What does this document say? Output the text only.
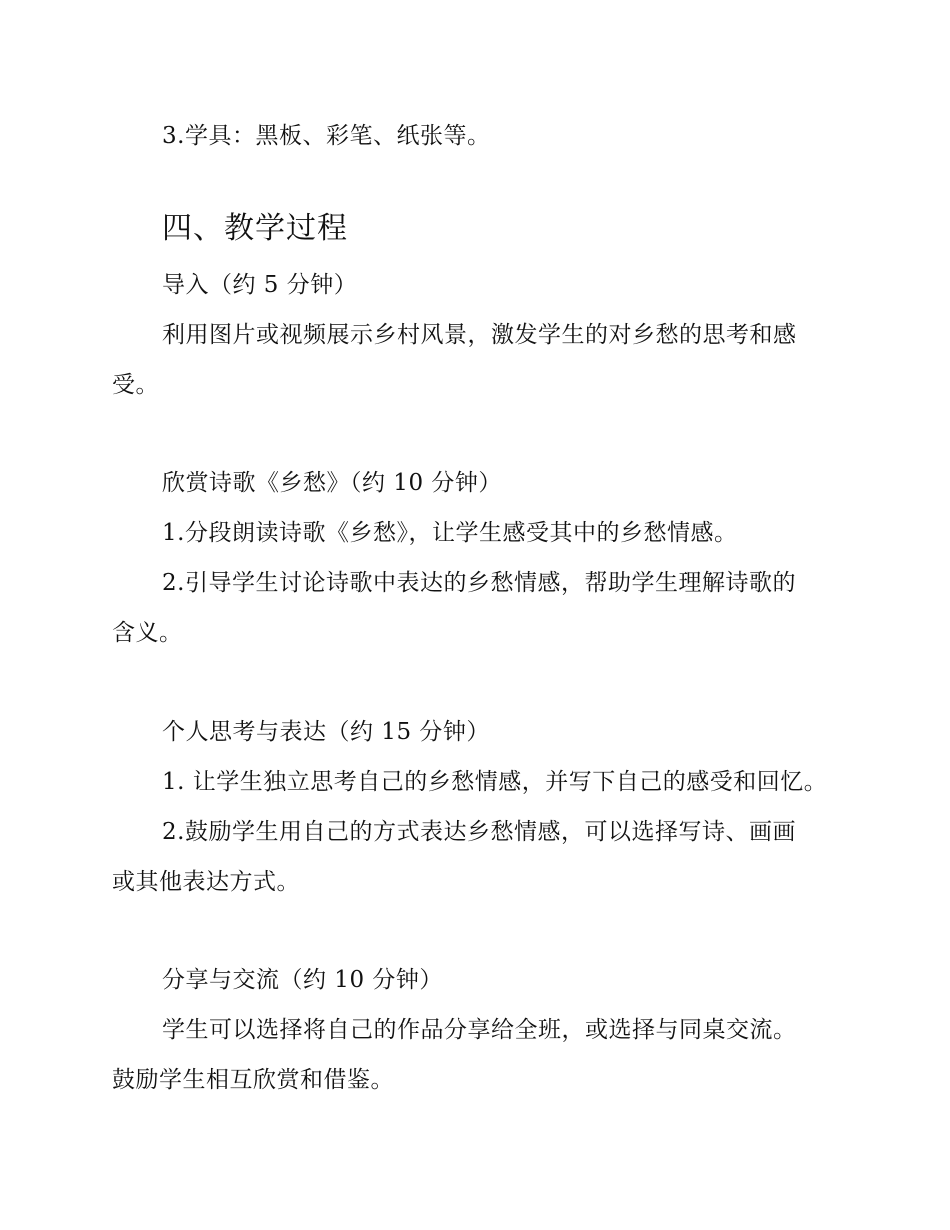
3.学具：黑板、彩笔、纸张等。
四、教学过程
导入（约 5 分钟）
利用图片或视频展示乡村风景，激发学生的对乡愁的思考和感
受。
欣赏诗歌《乡愁》（约 10 分钟）
1.分段朗读诗歌《乡愁》，让学生感受其中的乡愁情感。
2.引导学生讨论诗歌中表达的乡愁情感，帮助学生理解诗歌的
含义。
个人思考与表达（约 15 分钟）
1. 让学生独立思考自己的乡愁情感，并写下自己的感受和回忆。
2.鼓励学生用自己的方式表达乡愁情感，可以选择写诗、画画
或其他表达方式。
分享与交流（约 10 分钟）
学生可以选择将自己的作品分享给全班，或选择与同桌交流。
鼓励学生相互欣赏和借鉴。
